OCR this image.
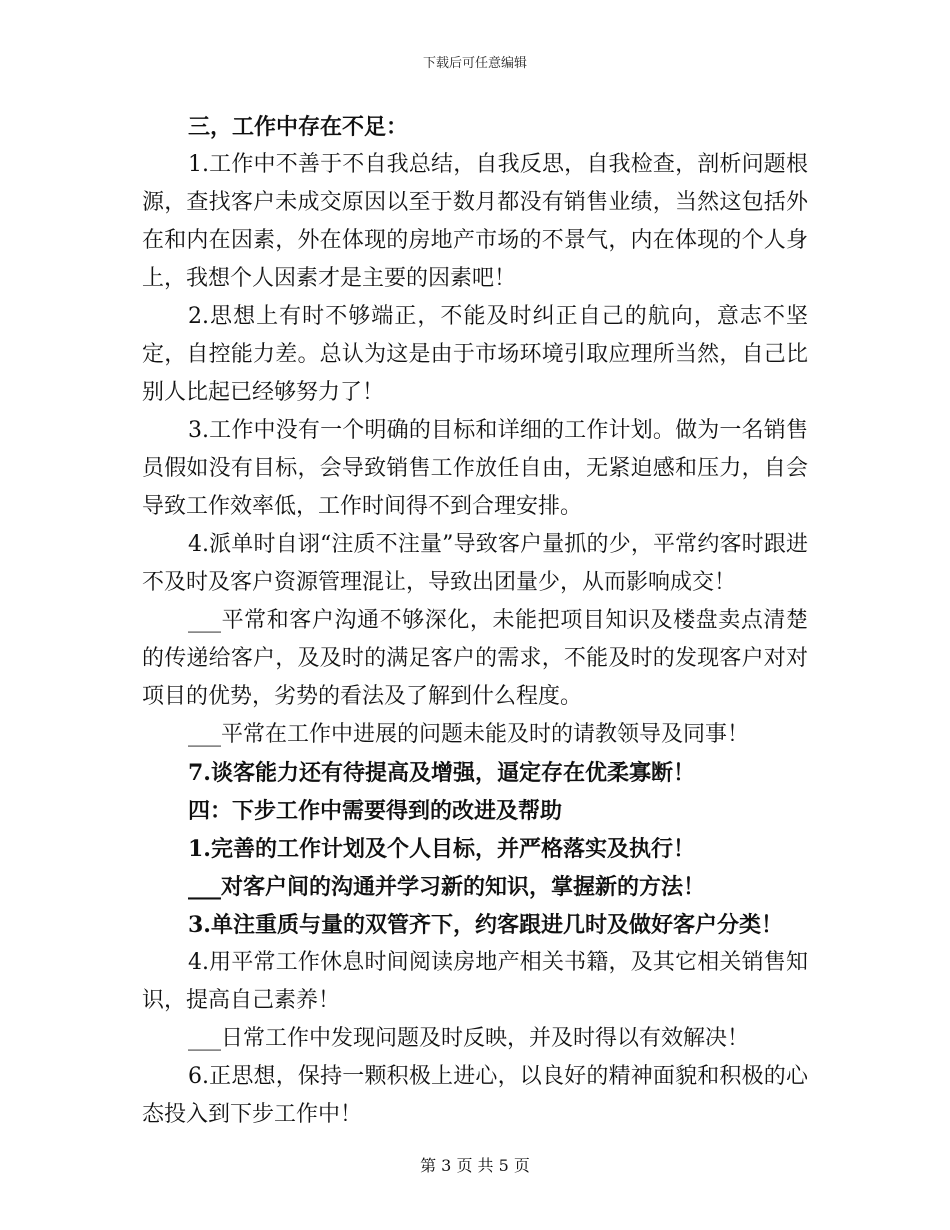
下载后可任意编辑

三，工作中存在不足：

1.工作中不善于不自我总结，自我反思，自我检查，剖析问题根源，查找客户未成交原因以至于数月都没有销售业绩，当然这包括外在和内在因素，外在体现的房地产市场的不景气，内在体现的个人身上，我想个人因素才是主要的因素吧！

2.思想上有时不够端正，不能及时纠正自己的航向，意志不坚定，自控能力差。总认为这是由于市场环境引取应理所当然，自己比别人比起已经够努力了！

3.工作中没有一个明确的目标和详细的工作计划。做为一名销售员假如没有目标，会导致销售工作放任自由，无紧迫感和压力，自会导致工作效率低，工作时间得不到合理安排。

4.派单时自诩“注质不注量”导致客户量抓的少，平常约客时跟进不及时及客户资源管理混让，导致出团量少，从而影响成交！

___平常和客户沟通不够深化，未能把项目知识及楼盘卖点清楚的传递给客户，及及时的满足客户的需求，不能及时的发现客户对对项目的优势，劣势的看法及了解到什么程度。

___平常在工作中进展的问题未能及时的请教领导及同事！

7.谈客能力还有待提高及增强，逼定存在优柔寡断！

四：下步工作中需要得到的改进及帮助

1.完善的工作计划及个人目标，并严格落实及执行！

___对客户间的沟通并学习新的知识，掌握新的方法！

3.单注重质与量的双管齐下，约客跟进几时及做好客户分类！

4.用平常工作休息时间阅读房地产相关书籍，及其它相关销售知识，提高自己素养！

___日常工作中发现问题及时反映，并及时得以有效解决！

6.正思想，保持一颗积极上进心，以良好的精神面貌和积极的心态投入到下步工作中！

第 3 页 共 5 页
